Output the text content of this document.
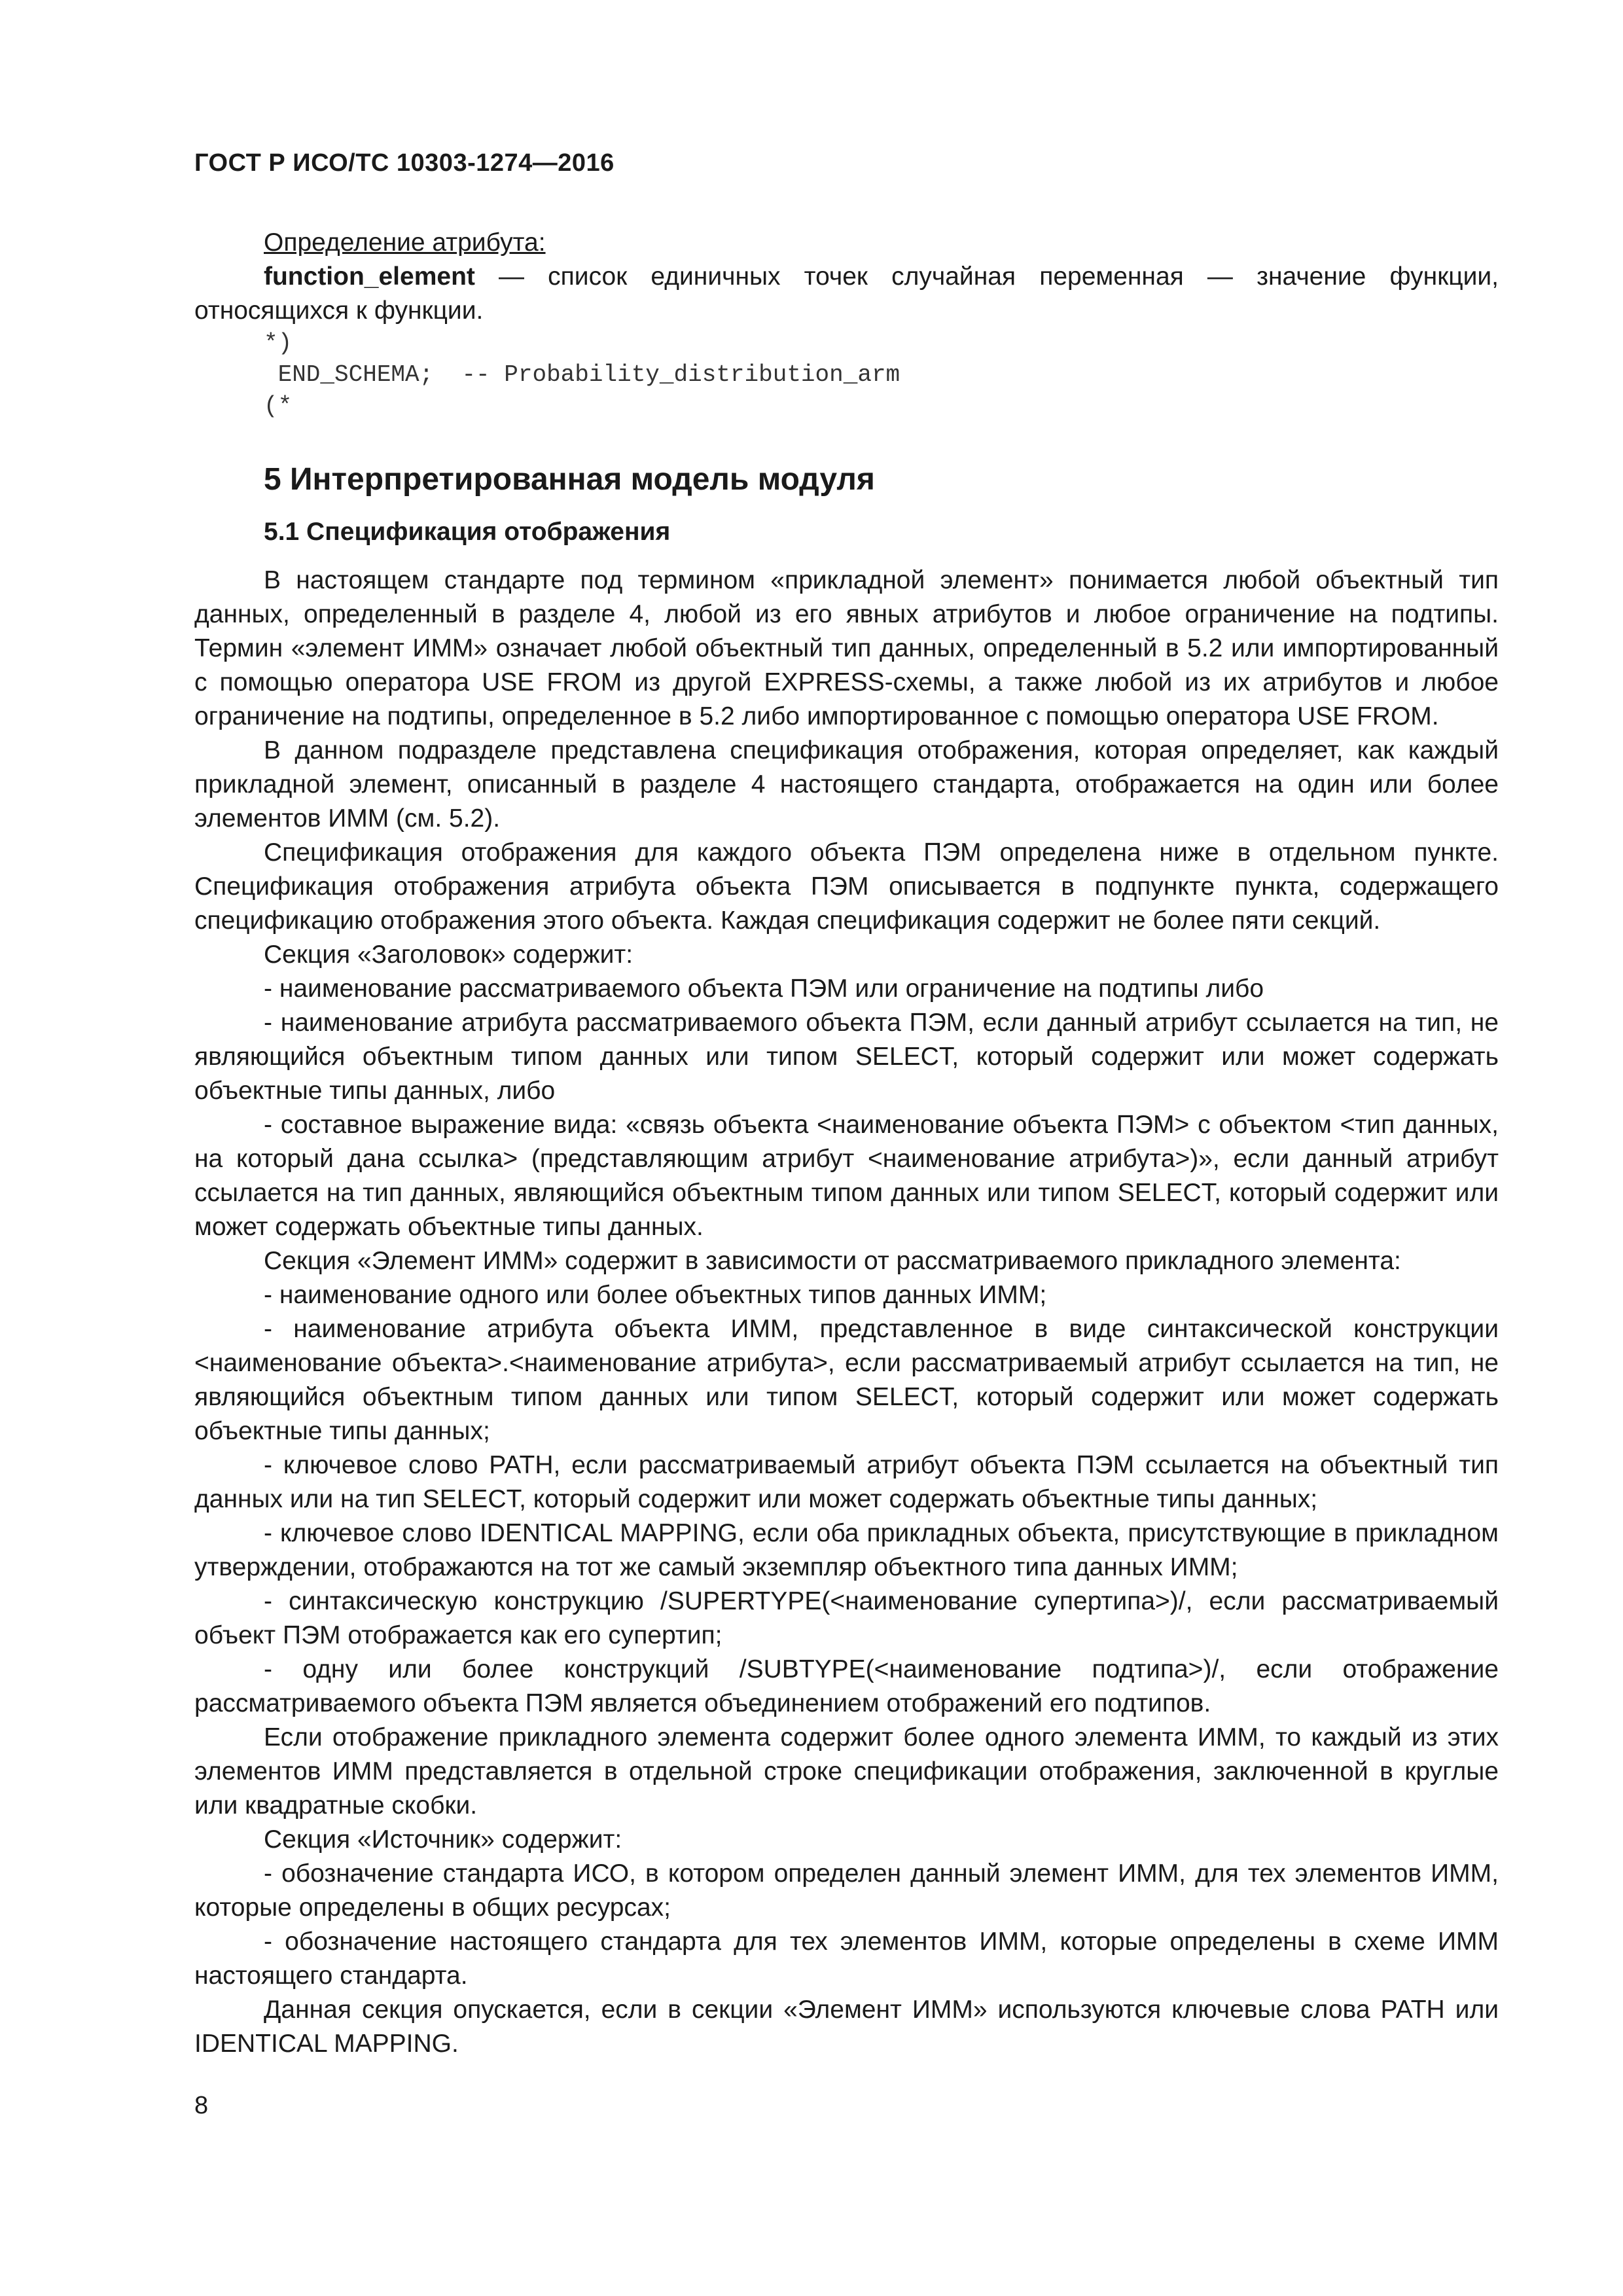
ГОСТ Р ИСО/ТС 10303-1274—2016
Определение атрибута:
function_element — список единичных точек случайная переменная — значение функции, относящихся к функции.
*)
END_SCHEMA;  -- Probability_distribution_arm
(*
5 Интерпретированная модель модуля
5.1 Спецификация отображения

В настоящем стандарте под термином «прикладной элемент» понимается любой объектный тип данных, определенный в разделе 4, любой из его явных атрибутов и любое ограничение на подтипы. Термин «элемент ИММ» означает любой объектный тип данных, определенный в 5.2 или импортированный с помощью оператора USE FROM из другой EXPRESS-схемы, а также любой из их атрибутов и любое ограничение на подтипы, определенное в 5.2 либо импортированное с помощью оператора USE FROM.

В данном подразделе представлена спецификация отображения, которая определяет, как каждый прикладной элемент, описанный в разделе 4 настоящего стандарта, отображается на один или более элементов ИММ (см. 5.2).

Спецификация отображения для каждого объекта ПЭМ определена ниже в отдельном пункте. Спецификация отображения атрибута объекта ПЭМ описывается в подпункте пункта, содержащего спецификацию отображения этого объекта. Каждая спецификация содержит не более пяти секций.

Секция «Заголовок» содержит:

- наименование рассматриваемого объекта ПЭМ или ограничение на подтипы либо

- наименование атрибута рассматриваемого объекта ПЭМ, если данный атрибут ссылается на тип, не являющийся объектным типом данных или типом SELECT, который содержит или может содержать объектные типы данных, либо

- составное выражение вида: «связь объекта <наименование объекта ПЭМ> с объектом <тип данных, на который дана ссылка> (представляющим атрибут <наименование атрибута>)», если данный атрибут ссылается на тип данных, являющийся объектным типом данных или типом SELECT, который содержит или может содержать объектные типы данных.

Секция «Элемент ИММ» содержит в зависимости от рассматриваемого прикладного элемента:

- наименование одного или более объектных типов данных ИММ;

- наименование атрибута объекта ИММ, представленное в виде синтаксической конструкции <наименование объекта>.<наименование атрибута>, если рассматриваемый атрибут ссылается на тип, не являющийся объектным типом данных или типом SELECT, который содержит или может содержать объектные типы данных;

- ключевое слово PATH, если рассматриваемый атрибут объекта ПЭМ ссылается на объектный тип данных или на тип SELECT, который содержит или может содержать объектные типы данных;

- ключевое слово IDENTICAL MAPPING, если оба прикладных объекта, присутствующие в прикладном утверждении, отображаются на тот же самый экземпляр объектного типа данных ИММ;

- синтаксическую конструкцию /SUPERTYPE(<наименование супертипа>)/, если рассматриваемый объект ПЭМ отображается как его супертип;

- одну или более конструкций /SUBTYPE(<наименование подтипа>)/, если отображение рассматриваемого объекта ПЭМ является объединением отображений его подтипов.

Если отображение прикладного элемента содержит более одного элемента ИММ, то каждый из этих элементов ИММ представляется в отдельной строке спецификации отображения, заключенной в круглые или квадратные скобки.

Секция «Источник» содержит:

- обозначение стандарта ИСО, в котором определен данный элемент ИММ, для тех элементов ИММ, которые определены в общих ресурсах;

- обозначение настоящего стандарта для тех элементов ИММ, которые определены в схеме ИММ настоящего стандарта.

Данная секция опускается, если в секции «Элемент ИММ» используются ключевые слова PATH или IDENTICAL MAPPING.

8
